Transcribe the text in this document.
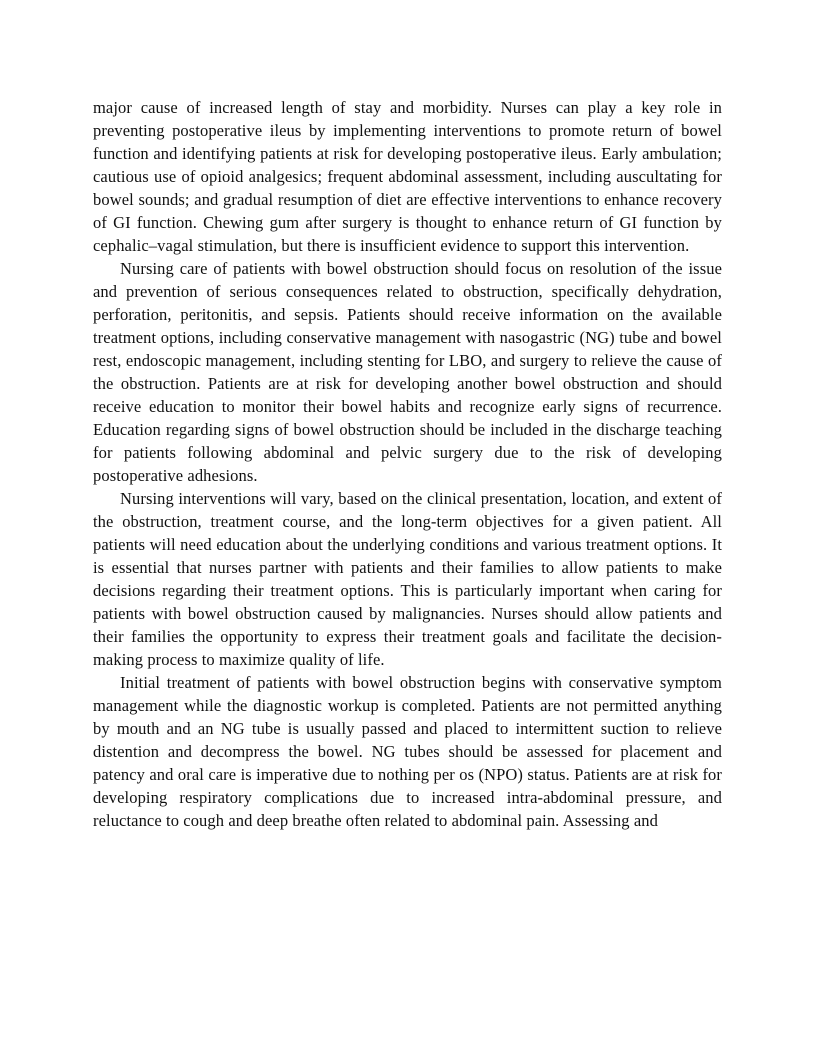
major cause of increased length of stay and morbidity. Nurses can play a key role in preventing postoperative ileus by implementing interventions to promote return of bowel function and identifying patients at risk for developing postoperative ileus. Early ambulation; cautious use of opioid analgesics; frequent abdominal assessment, including auscultating for bowel sounds; and gradual resumption of diet are effective interventions to enhance recovery of GI function. Chewing gum after surgery is thought to enhance return of GI function by cephalic–vagal stimulation, but there is insufficient evidence to support this intervention.

Nursing care of patients with bowel obstruction should focus on resolution of the issue and prevention of serious consequences related to obstruction, specifically dehydration, perforation, peritonitis, and sepsis. Patients should receive information on the available treatment options, including conservative management with nasogastric (NG) tube and bowel rest, endoscopic management, including stenting for LBO, and surgery to relieve the cause of the obstruction. Patients are at risk for developing another bowel obstruction and should receive education to monitor their bowel habits and recognize early signs of recurrence. Education regarding signs of bowel obstruction should be included in the discharge teaching for patients following abdominal and pelvic surgery due to the risk of developing postoperative adhesions.

Nursing interventions will vary, based on the clinical presentation, location, and extent of the obstruction, treatment course, and the long-term objectives for a given patient. All patients will need education about the underlying conditions and various treatment options. It is essential that nurses partner with patients and their families to allow patients to make decisions regarding their treatment options. This is particularly important when caring for patients with bowel obstruction caused by malignancies. Nurses should allow patients and their families the opportunity to express their treatment goals and facilitate the decision-making process to maximize quality of life.

Initial treatment of patients with bowel obstruction begins with conservative symptom management while the diagnostic workup is completed. Patients are not permitted anything by mouth and an NG tube is usually passed and placed to intermittent suction to relieve distention and decompress the bowel. NG tubes should be assessed for placement and patency and oral care is imperative due to nothing per os (NPO) status. Patients are at risk for developing respiratory complications due to increased intra-abdominal pressure, and reluctance to cough and deep breathe often related to abdominal pain. Assessing and
